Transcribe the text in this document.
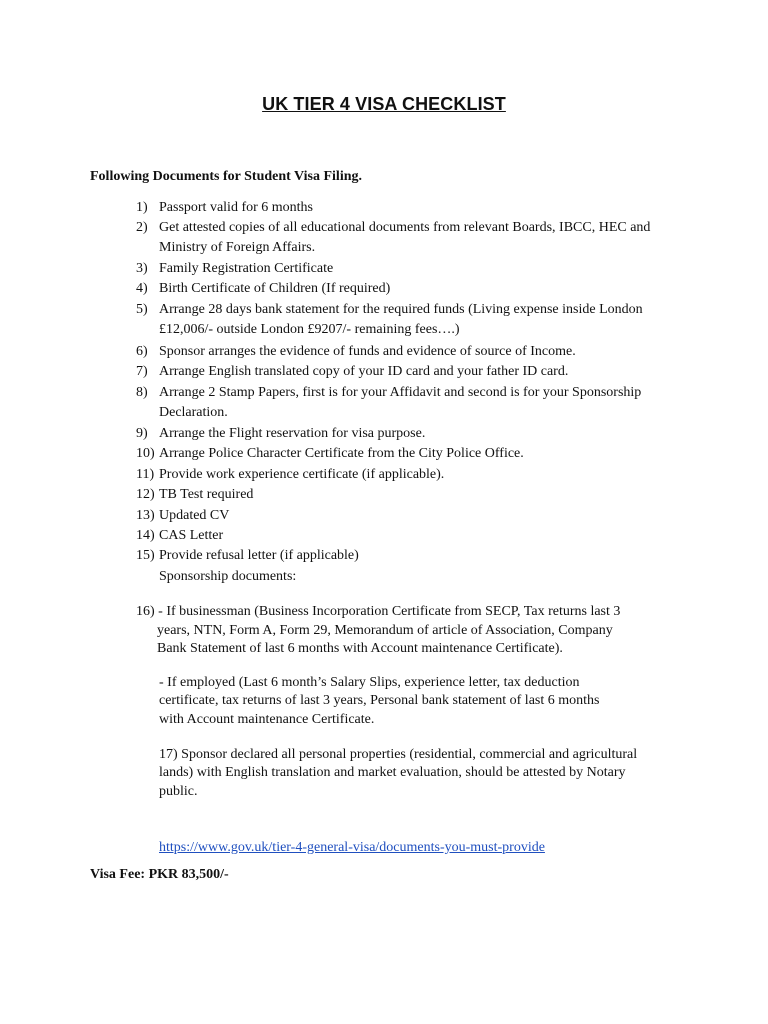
UK TIER 4 VISA CHECKLIST
Following Documents for Student Visa Filing.
1) Passport valid for 6 months
2) Get attested copies of all educational documents from relevant Boards, IBCC, HEC and Ministry of Foreign Affairs.
3) Family Registration Certificate
4) Birth Certificate of Children (If required)
5) Arrange 28 days bank statement for the required funds (Living expense inside London £12,006/- outside London £9207/- remaining fees….)
6) Sponsor arranges the evidence of funds and evidence of source of Income.
7) Arrange English translated copy of your ID card and your father ID card.
8) Arrange 2 Stamp Papers, first is for your Affidavit and second is for your Sponsorship Declaration.
9) Arrange the Flight reservation for visa purpose.
10) Arrange Police Character Certificate from the City Police Office.
11) Provide work experience certificate (if applicable).
12) TB Test required
13) Updated CV
14) CAS Letter
15) Provide refusal letter (if applicable)
Sponsorship documents:
16) - If businessman (Business Incorporation Certificate from SECP, Tax returns last 3
years, NTN, Form A, Form 29, Memorandum of article of Association, Company
Bank Statement of last 6 months with Account maintenance Certificate).
- If employed (Last 6 month’s Salary Slips, experience letter, tax deduction
certificate, tax returns of last 3 years, Personal bank statement of last 6 months
with Account maintenance Certificate.
17) Sponsor declared all personal properties (residential, commercial and agricultural
lands) with English translation and market evaluation, should be attested by Notary
public.
https://www.gov.uk/tier-4-general-visa/documents-you-must-provide
Visa Fee: PKR 83,500/-
